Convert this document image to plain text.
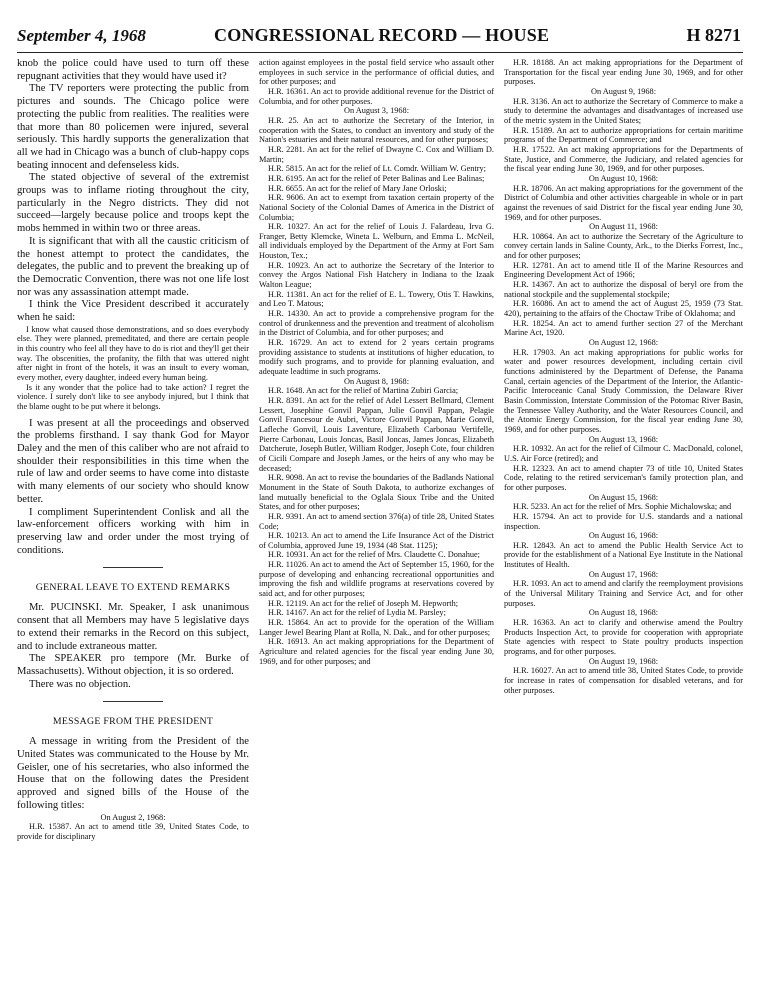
September 4, 1968	CONGRESSIONAL RECORD — HOUSE	H 8271

knob the police could have used to turn off these repugnant activities that they would have used it?

The TV reporters were protecting the public from pictures and sounds. The Chicago police were protecting the public from realities. The realities were that more than 80 policemen were injured, several seriously. This hardly supports the generalization that all we had in Chicago was a bunch of club-happy cops beating innocent and defenseless kids.

The stated objective of several of the extremist groups was to inflame rioting throughout the city, particularly in the Negro districts. They did not succeed—largely because police and troops kept the mobs hemmed in within two or three areas.

It is significant that with all the caustic criticism of the honest attempt to protect the candidates, the delegates, the public and to prevent the breaking up of the Democratic Convention, there was not one life lost nor was any assassination attempt made.

I think the Vice President described it accurately when he said:

I know what caused those demonstrations, and so does everybody else. They were planned, premeditated, and there are certain people in this country who feel all they have to do is riot and they'll get their way. The obscenities, the profanity, the filth that was uttered night after night in front of the hotels, it was an insult to every woman, every mother, every daughter, indeed every human being.

Is it any wonder that the police had to take action? I regret the violence. I surely don't like to see anybody injured, but I think that the blame ought to be put where it belongs.

I was present at all the proceedings and observed the problems firsthand. I say thank God for Mayor Daley and the men of this caliber who are not afraid to shoulder their responsibilities in this time when the rule of law and order seems to have come into distaste with many elements of our society who should know better.

I compliment Superintendent Conlisk and all the law-enforcement officers working with him in preserving law and order under the most trying of conditions.

GENERAL LEAVE TO EXTEND REMARKS

Mr. PUCINSKI. Mr. Speaker, I ask unanimous consent that all Members may have 5 legislative days to extend their remarks in the Record on this subject, and to include extraneous matter.

The SPEAKER pro tempore (Mr. Burke of Massachusetts). Without objection, it is so ordered.

There was no objection.

MESSAGE FROM THE PRESIDENT

A message in writing from the President of the United States was communicated to the House by Mr. Geisler, one of his secretaries, who also informed the House that on the following dates the President approved and signed bills of the House of the following titles:

On August 2, 1968:

H.R. 15387. An act to amend title 39, United States Code, to provide for disciplinary

action against employees in the postal field service who assault other employees in such service in the performance of official duties, and for other purposes; and

H.R. 16361. An act to provide additional revenue for the District of Columbia, and for other purposes.

On August 3, 1968:

H.R. 25. An act to authorize the Secretary of the Interior, in cooperation with the States, to conduct an inventory and study of the Nation's estuaries and their natural resources, and for other purposes;

H.R. 2281. An act for the relief of Dwayne C. Cox and William D. Martin;

H.R. 5815. An act for the relief of Lt. Comdr. William W. Gentry;

H.R. 6195. An act for the relief of Peter Balinas and Lee Balinas;

H.R. 6655. An act for the relief of Mary Jane Orloski;

H.R. 9606. An act to exempt from taxation certain property of the National Society of the Colonial Dames of America in the District of Columbia;

H.R. 10327. An act for the relief of Louis J. Falardeau, Irva G. Franger, Betty Klemcke, Wineta L. Welburn, and Emma L. McNeil, all individuals employed by the Department of the Army at Fort Sam Houston, Tex.;

H.R. 10923. An act to authorize the Secretary of the Interior to convey the Argos National Fish Hatchery in Indiana to the Izaak Walton League;

H.R. 11381. An act for the relief of E. L. Towery, Otis T. Hawkins, and Leo T. Matous;

H.R. 14330. An act to provide a comprehensive program for the control of drunkenness and the prevention and treatment of alcoholism in the District of Columbia, and for other purposes; and

H.R. 16729. An act to extend for 2 years certain programs providing assistance to students at institutions of higher education, to modify such programs, and to provide for planning evaluation, and adequate leadtime in such programs.

On August 8, 1968:

H.R. 1648. An act for the relief of Martina Zubiri Garcia;

H.R. 8391. An act for the relief of Adel Lessert Bellmard, Clement Lessert, Josephine Gonvil Pappan, Julie Gonvil Pappan, Pelagie Gonvil Francesour de Aubri, Victore Gonvil Pappan, Marie Gonvil, Lafleche Gonvil, Louis Laventure, Elizabeth Carbonau Vertifelle, Pierre Carbonau, Louis Joncas, Basil Joncas, James Joncas, Elizabeth Datcherute, Joseph Butler, William Rodger, Joseph Cote, four children of Cicili Compare and Joseph James, or the heirs of any who may be deceased;

H.R. 9098. An act to revise the boundaries of the Badlands National Monument in the State of South Dakota, to authorize exchanges of land mutually beneficial to the Oglala Sioux Tribe and the United States, and for other purposes;

H.R. 9391. An act to amend section 376(a) of title 28, United States Code;

H.R. 10213. An act to amend the Life Insurance Act of the District of Columbia, approved June 19, 1934 (48 Stat. 1125);

H.R. 10931. An act for the relief of Mrs. Claudette C. Donahue;

H.R. 11026. An act to amend the Act of September 15, 1960, for the purpose of developing and enhancing recreational opportunities and improving the fish and wildlife programs at reservations covered by said act, and for other purposes;

H.R. 12119. An act for the relief of Joseph M. Hepworth;

H.R. 14167. An act for the relief of Lydia M. Parsley;

H.R. 15864. An act to provide for the operation of the William Langer Jewel Bearing Plant at Rolla, N. Dak., and for other purposes;

H.R. 16913. An act making appropriations for the Department of Agriculture and related agencies for the fiscal year ending June 30, 1969, and for other purposes; and

H.R. 18188. An act making appropriations for the Department of Transportation for the fiscal year ending June 30, 1969, and for other purposes.

On August 9, 1968:

H.R. 3136. An act to authorize the Secretary of Commerce to make a study to determine the advantages and disadvantages of increased use of the metric system in the United States;

H.R. 15189. An act to authorize appropriations for certain maritime programs of the Department of Commerce; and

H.R. 17522. An act making appropriations for the Departments of State, Justice, and Commerce, the Judiciary, and related agencies for the fiscal year ending June 30, 1969, and for other purposes.

On August 10, 1968:

H.R. 18706. An act making appropriations for the government of the District of Columbia and other activities chargeable in whole or in part against the revenues of said District for the fiscal year ending June 30, 1969, and for other purposes.

On August 11, 1968:

H.R. 10864. An act to authorize the Secretary of the Agriculture to convey certain lands in Saline County, Ark., to the Dierks Forrest, Inc., and for other purposes;

H.R. 12781. An act to amend title II of the Marine Resources and Engineering Development Act of 1966;

H.R. 14367. An act to authorize the disposal of beryl ore from the national stockpile and the supplemental stockpile;

H.R. 16086. An act to amend the act of August 25, 1959 (73 Stat. 420), pertaining to the affairs of the Choctaw Tribe of Oklahoma; and

H.R. 18254. An act to amend further section 27 of the Merchant Marine Act, 1920.

On August 12, 1968:

H.R. 17903. An act making appropriations for public works for water and power resources development, including certain civil functions administered by the Department of Defense, the Panama Canal, certain agencies of the Department of the Interior, the Atlantic-Pacific Interoceanic Canal Study Commission, the Delaware River Basin Commission, Interstate Commission of the Potomac River Basin, the Tennessee Valley Authority, and the Water Resources Council, and the Atomic Energy Commission, for the fiscal year ending June 30, 1969, and for other purposes.

On August 13, 1968:

H.R. 10932. An act for the relief of Cilmour C. MacDonald, colonel, U.S. Air Force (retired); and

H.R. 12323. An act to amend chapter 73 of title 10, United States Code, relating to the retired serviceman's family protection plan, and for other purposes.

On August 15, 1968:

H.R. 5233. An act for the relief of Mrs. Sophie Michalowska; and

H.R. 15794. An act to provide for U.S. standards and a national inspection.

On August 16, 1968:

H.R. 12843. An act to amend the Public Health Service Act to provide for the establishment of a National Eye Institute in the National Institutes of Health.

On August 17, 1968:

H.R. 1093. An act to amend and clarify the reemployment provisions of the Universal Military Training and Service Act, and for other purposes.

On August 18, 1968:

H.R. 16363. An act to clarify and otherwise amend the Poultry Products Inspection Act, to provide for cooperation with appropriate State agencies with respect to State poultry products inspection programs, and for other purposes.

On August 19, 1968:

H.R. 16027. An act to amend title 38, United States Code, to provide for increase in rates of compensation for disabled veterans, and for other purposes.
